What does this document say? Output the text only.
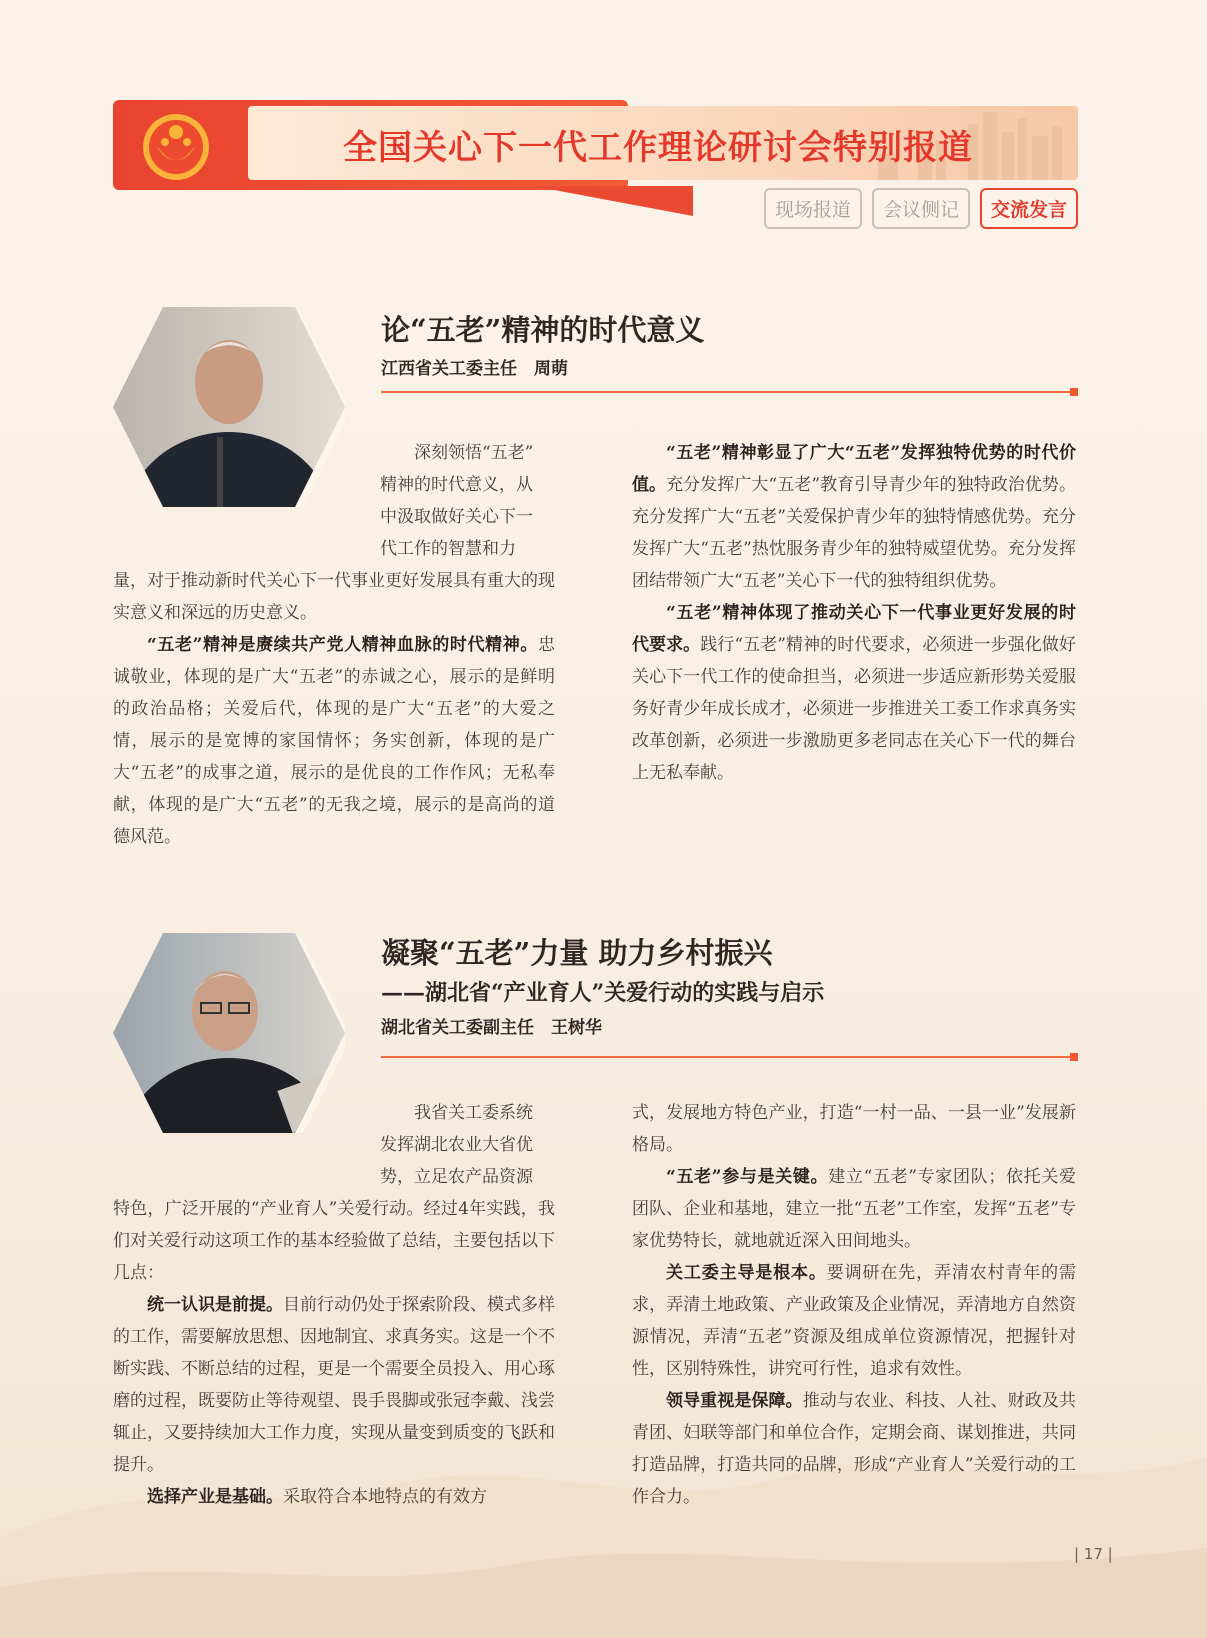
全国关心下一代工作理论研讨会特别报道
现场报道	会议侧记	交流发言
论“五老”精神的时代意义
江西省关工委主任　周萌

深刻领悟“五老”

精神的时代意义，从

中汲取做好关心下一

代工作的智慧和力

量，对于推动新时代关心下一代事业更好发展具有重大的现实意义和深远的历史意义。

“五老”精神是赓续共产党人精神血脉的时代精神。忠诚敬业，体现的是广大“五老”的赤诚之心，展示的是鲜明的政治品格；关爱后代，体现的是广大“五老”的大爱之情，展示的是宽博的家国情怀；务实创新，体现的是广大“五老”的成事之道，展示的是优良的工作作风；无私奉献，体现的是广大“五老”的无我之境，展示的是高尚的道德风范。

“五老”精神彰显了广大“五老”发挥独特优势的时代价值。充分发挥广大“五老”教育引导青少年的独特政治优势。充分发挥广大“五老”关爱保护青少年的独特情感优势。充分发挥广大“五老”热忱服务青少年的独特威望优势。充分发挥团结带领广大“五老”关心下一代的独特组织优势。

“五老”精神体现了推动关心下一代事业更好发展的时代要求。践行“五老”精神的时代要求，必须进一步强化做好关心下一代工作的使命担当，必须进一步适应新形势关爱服务好青少年成长成才，必须进一步推进关工委工作求真务实改革创新，必须进一步激励更多老同志在关心下一代的舞台上无私奉献。

凝聚“五老”力量 助力乡村振兴
——湖北省“产业育人”关爱行动的实践与启示
湖北省关工委副主任　王树华

我省关工委系统

发挥湖北农业大省优

势，立足农产品资源

特色，广泛开展的“产业育人”关爱行动。经过4年实践，我们对关爱行动这项工作的基本经验做了总结，主要包括以下几点：

统一认识是前提。目前行动仍处于探索阶段、模式多样的工作，需要解放思想、因地制宜、求真务实。这是一个不断实践、不断总结的过程，更是一个需要全员投入、用心琢磨的过程，既要防止等待观望、畏手畏脚或张冠李戴、浅尝辄止，又要持续加大工作力度，实现从量变到质变的飞跃和提升。

选择产业是基础。采取符合本地特点的有效方

式，发展地方特色产业，打造“一村一品、一县一业”发展新格局。

“五老”参与是关键。建立“五老”专家团队；依托关爱团队、企业和基地，建立一批“五老”工作室，发挥“五老”专家优势特长，就地就近深入田间地头。

关工委主导是根本。要调研在先，弄清农村青年的需求，弄清土地政策、产业政策及企业情况，弄清地方自然资源情况，弄清“五老”资源及组成单位资源情况，把握针对性，区别特殊性，讲究可行性，追求有效性。

领导重视是保障。推动与农业、科技、人社、财政及共青团、妇联等部门和单位合作，定期会商、谋划推进，共同打造品牌，打造共同的品牌，形成“产业育人”关爱行动的工作合力。

| 17 |
